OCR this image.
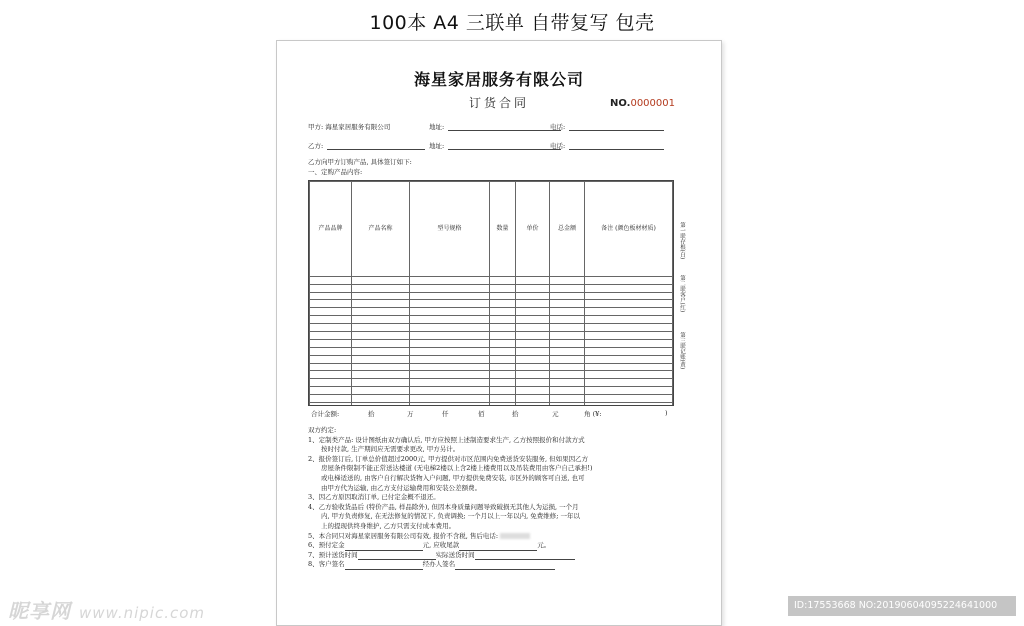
100本 A4 三联单 自带复写 包壳
海星家居服务有限公司
订货合同	NO.0000001
甲方: 海星家居服务有限公司	地址:	电话:
乙方:	地址:	电话:
乙方向甲方订购产品, 具体签订如下:
一、定购产品内容:
产品品牌	产品名称	型号规格	数量	单价	总金额	备注 (颜色板材材质)

合计金额:	拾	万	仟	佰	拾	元	角 (¥:	)
第一联存根(白)
第二联客户(红)
第三联记账(黄)

双方约定:

1、定制类产品: 设计图纸由双方确认后, 甲方应按照上述制造要求生产, 乙方按照报价和付款方式

按时付款, 生产期间应无需要求更改, 甲方另计。

2、报价签订后, 订单总价值超过2000元, 甲方提供对市区范围内免费送货安装服务, 但如果因乙方

房屋条件限制不能正常送达楼道 (无电梯2楼以上含2楼上楼费用以及吊装费用由客户自己承担!)

或电梯适送的, 由客户自行解决货物入户问题, 甲方提供免费安装, 市区外的顾客可自送, 也可

由甲方代为运输, 由乙方支付运输费用和安装公差额费。

3、因乙方原因取消订单, 已付定金概不退还。

4、乙方验收货品后 (特价产品, 样品除外), 但因本身质量问题导致破损无其他人为运损, 一个月

内, 甲方负责修复, 在无法修复的情况下, 负责调换; 一个月以上一年以内, 免费维修; 一年以

上的提现供终身维护, 乙方只需支付成本费用。

5、本合同只对海星家居服务有限公司有效, 报价不含税, 售后电话:

6、预付定金	元, 应收尾款	元。

7、预计送货时间	实际送货时间

8、客户签名	经办人签名

昵享网 www.nipic.com	ID:17553668 NO:20190604095224641000
